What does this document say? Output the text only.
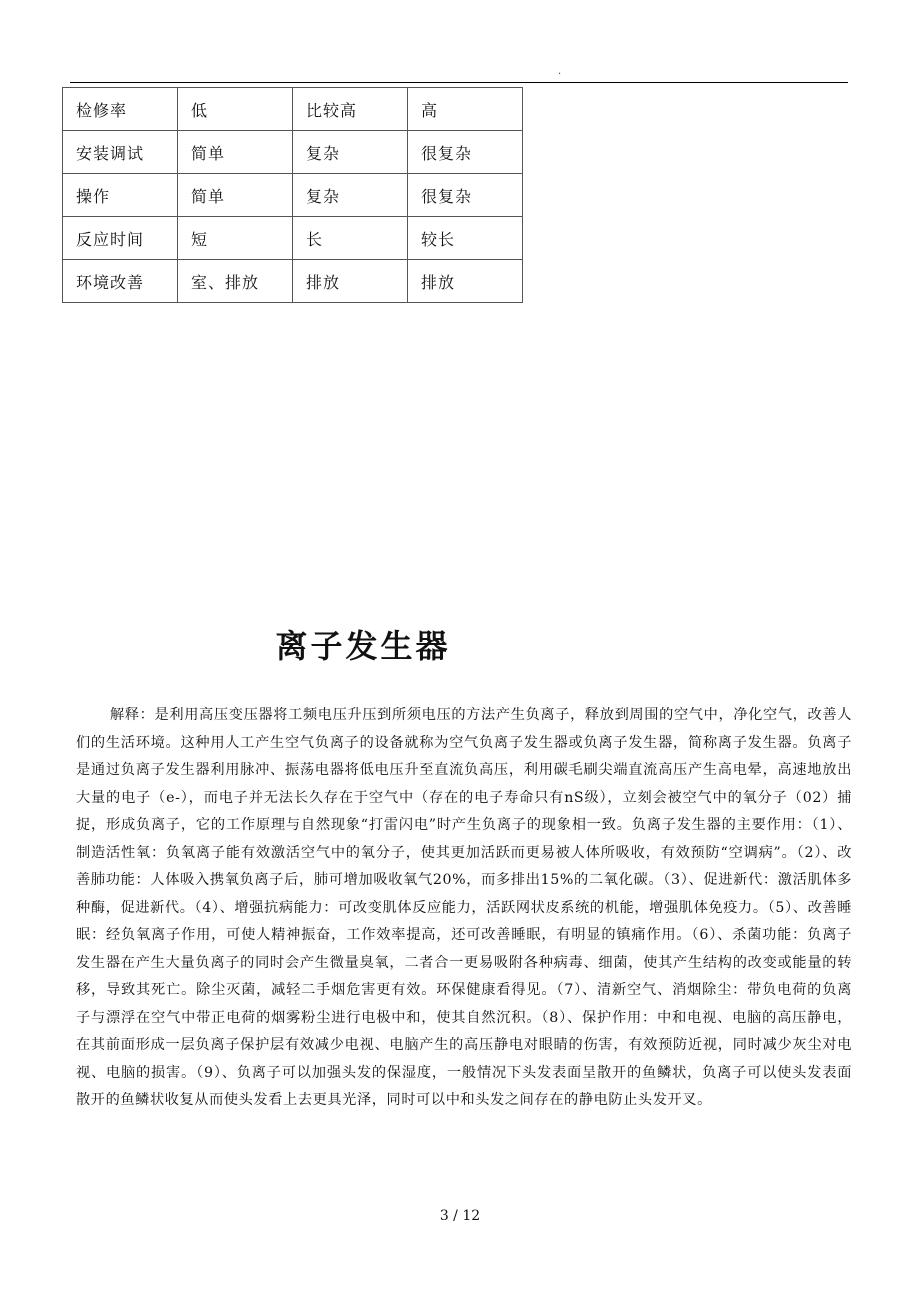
.
检修率	低	比较高	高
安装调试	简单	复杂	很复杂
操作	简单	复杂	很复杂
反应时间	短	长	较长
环境改善	室、排放	排放	排放
离子发生器

解释：是利用高压变压器将工频电压升压到所须电压的方法产生负离子，释放到周围的空气中，净化空气，改善人们的生活环境。这种用人工产生空气负离子的设备就称为空气负离子发生器或负离子发生器，简称离子发生器。负离子是通过负离子发生器利用脉冲、振荡电器将低电压升至直流负高压，利用碳毛刷尖端直流高压产生高电晕，高速地放出大量的电子（e-），而电子并无法长久存在于空气中（存在的电子寿命只有nS级），立刻会被空气中的氧分子（02）捕捉，形成负离子，它的工作原理与自然现象“打雷闪电”时产生负离子的现象相一致。负离子发生器的主要作用：（1）、制造活性氧：负氧离子能有效激活空气中的氧分子，使其更加活跃而更易被人体所吸收，有效预防“空调病”。（2）、改善肺功能：人体吸入携氧负离子后，肺可增加吸收氧气20%，而多排出15%的二氧化碳。（3）、促进新代：激活肌体多种酶，促进新代。（4）、增强抗病能力：可改变肌体反应能力，活跃网状皮系统的机能，增强肌体免疫力。（5）、改善睡眠：经负氧离子作用，可使人精神振奋，工作效率提高，还可改善睡眠，有明显的镇痛作用。（6）、杀菌功能：负离子发生器在产生大量负离子的同时会产生微量臭氧，二者合一更易吸附各种病毒、细菌，使其产生结构的改变或能量的转移，导致其死亡。除尘灭菌，减轻二手烟危害更有效。环保健康看得见。（7）、清新空气、消烟除尘：带负电荷的负离子与漂浮在空气中带正电荷的烟雾粉尘进行电极中和，使其自然沉积。（8）、保护作用：中和电视、电脑的高压静电，在其前面形成一层负离子保护层有效减少电视、电脑产生的高压静电对眼睛的伤害，有效预防近视，同时减少灰尘对电视、电脑的损害。（9）、负离子可以加强头发的保湿度，一般情况下头发表面呈散开的鱼鳞状，负离子可以使头发表面散开的鱼鳞状收复从而使头发看上去更具光泽，同时可以中和头发之间存在的静电防止头发开叉。

3 / 12
